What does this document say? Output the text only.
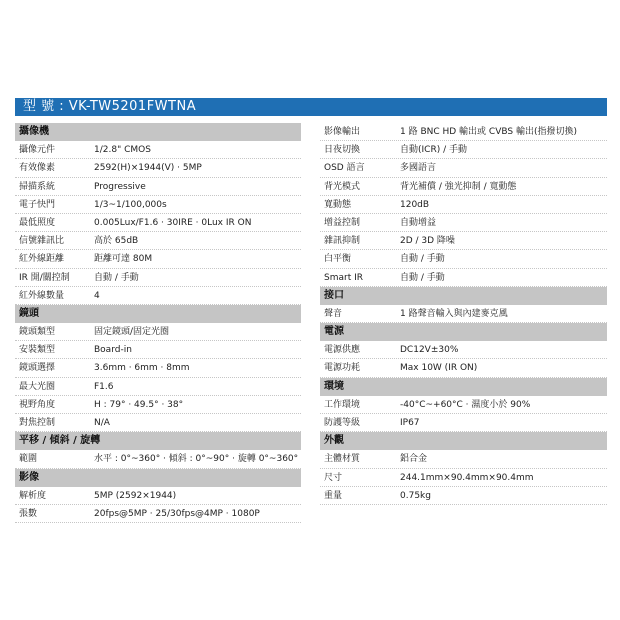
型 號 : VK-TW5201FWTNA
攝像機
攝像元件	1/2.8" CMOS
有效像素	2592(H)×1944(V) · 5MP
掃描系統	Progressive
電子快門	1/3~1/100,000s
最低照度	0.005Lux/F1.6 · 30IRE · 0Lux IR ON
信號雜訊比	高於 65dB
紅外線距離	距離可達 80M
IR 開/關控制	自動 / 手動
紅外線數量	4
鏡頭
鏡頭類型	固定鏡頭/固定光圈
安裝類型	Board-in
鏡頭選擇	3.6mm · 6mm · 8mm
最大光圈	F1.6
視野角度	H : 79° · 49.5° · 38°
對焦控制	N/A
平移 / 傾斜 / 旋轉
範圍	水平 : 0°~360° · 傾斜 : 0°~90° · 旋轉 0°~360°
影像
解析度	5MP (2592×1944)
張數	20fps@5MP · 25/30fps@4MP · 1080P
影像輸出	1 路 BNC HD 輸出或 CVBS 輸出(指撥切換)
日夜切換	自動(ICR) / 手動
OSD 語言	多國語言
背光模式	背光補償 / 強光抑制 / 寬動態
寬動態	120dB
增益控制	自動增益
雜訊抑制	2D / 3D 降噪
白平衡	自動 / 手動
Smart IR	自動 / 手動
接口
聲音	1 路聲音輸入與內建麥克風
電源
電源供應	DC12V±30%
電源功耗	Max 10W (IR ON)
環境
工作環境	-40°C~+60°C · 濕度小於 90%
防護等級	IP67
外觀
主體材質	鋁合金
尺寸	244.1mm×90.4mm×90.4mm
重量	0.75kg
